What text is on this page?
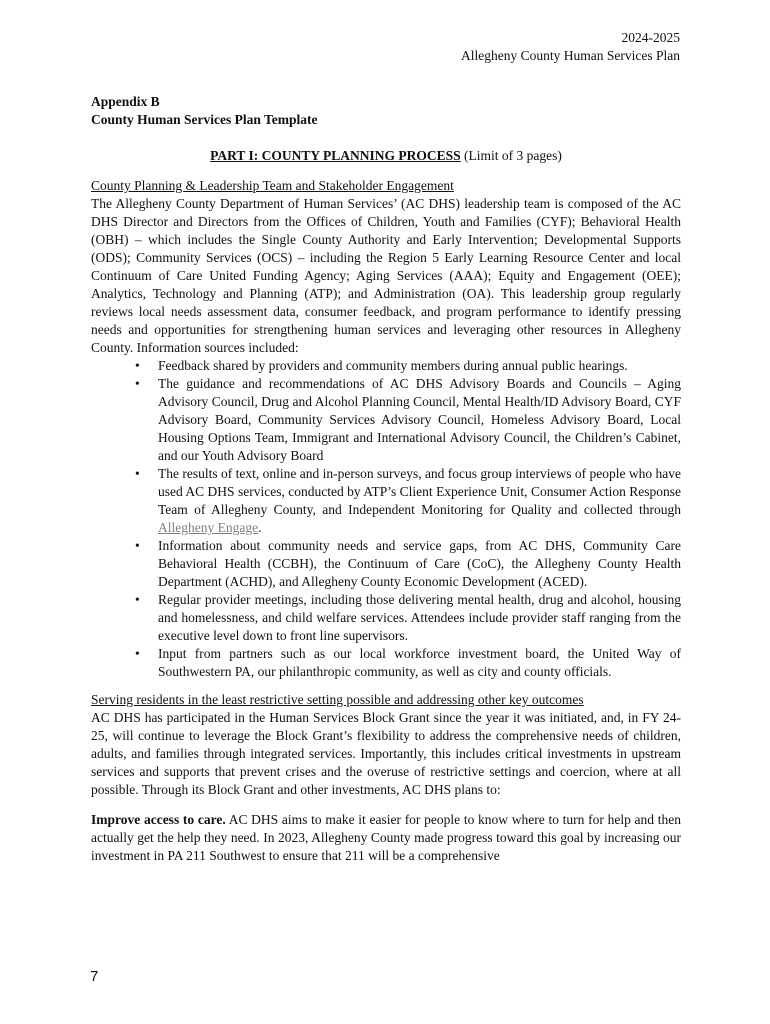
2024-2025
Allegheny County Human Services Plan
Appendix B
County Human Services Plan Template
PART I: COUNTY PLANNING PROCESS (Limit of 3 pages)
County Planning & Leadership Team and Stakeholder Engagement
The Allegheny County Department of Human Services’ (AC DHS) leadership team is composed of the AC DHS Director and Directors from the Offices of Children, Youth and Families (CYF); Behavioral Health (OBH) – which includes the Single County Authority and Early Intervention; Developmental Supports (ODS); Community Services (OCS) – including the Region 5 Early Learning Resource Center and local Continuum of Care United Funding Agency; Aging Services (AAA); Equity and Engagement (OEE); Analytics, Technology and Planning (ATP); and Administration (OA). This leadership group regularly reviews local needs assessment data, consumer feedback, and program performance to identify pressing needs and opportunities for strengthening human services and leveraging other resources in Allegheny County. Information sources included:
• Feedback shared by providers and community members during annual public hearings.
• The guidance and recommendations of AC DHS Advisory Boards and Councils – Aging Advisory Council, Drug and Alcohol Planning Council, Mental Health/ID Advisory Board, CYF Advisory Board, Community Services Advisory Council, Homeless Advisory Board, Local Housing Options Team, Immigrant and International Advisory Council, the Children’s Cabinet, and our Youth Advisory Board
• The results of text, online and in-person surveys, and focus group interviews of people who have used AC DHS services, conducted by ATP’s Client Experience Unit, Consumer Action Response Team of Allegheny County, and Independent Monitoring for Quality and collected through Allegheny Engage.
• Information about community needs and service gaps, from AC DHS, Community Care Behavioral Health (CCBH), the Continuum of Care (CoC), the Allegheny County Health Department (ACHD), and Allegheny County Economic Development (ACED).
• Regular provider meetings, including those delivering mental health, drug and alcohol, housing and homelessness, and child welfare services. Attendees include provider staff ranging from the executive level down to front line supervisors.
• Input from partners such as our local workforce investment board, the United Way of Southwestern PA, our philanthropic community, as well as city and county officials.
Serving residents in the least restrictive setting possible and addressing other key outcomes
AC DHS has participated in the Human Services Block Grant since the year it was initiated, and, in FY 24-25, will continue to leverage the Block Grant’s flexibility to address the comprehensive needs of children, adults, and families through integrated services. Importantly, this includes critical investments in upstream services and supports that prevent crises and the overuse of restrictive settings and coercion, where at all possible. Through its Block Grant and other investments, AC DHS plans to:
Improve access to care. AC DHS aims to make it easier for people to know where to turn for help and then actually get the help they need. In 2023, Allegheny County made progress toward this goal by increasing our investment in PA 211 Southwest to ensure that 211 will be a comprehensive
7
